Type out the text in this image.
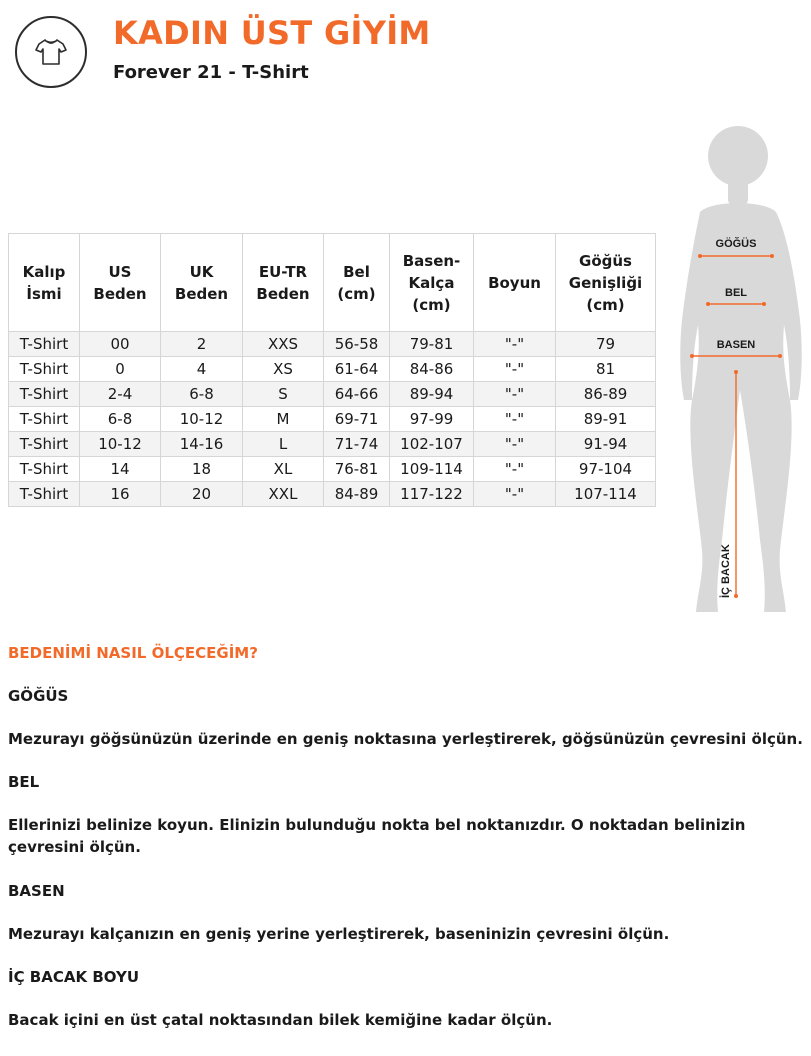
KADIN ÜST GİYİM
Forever 21 - T-Shirt
Kalıp
İsmi	US
Beden	UK
Beden	EU-TR
Beden	Bel
(cm)	Basen-
Kalça
(cm)	Boyun	Göğüs
Genişliği
(cm)
T-Shirt	00	2	XXS	56-58	79-81	"-"	79
T-Shirt	0	4	XS	61-64	84-86	"-"	81
T-Shirt	2-4	6-8	S	64-66	89-94	"-"	86-89
T-Shirt	6-8	10-12	M	69-71	97-99	"-"	89-91
T-Shirt	10-12	14-16	L	71-74	102-107	"-"	91-94
T-Shirt	14	18	XL	76-81	109-114	"-"	97-104
T-Shirt	16	20	XXL	84-89	117-122	"-"	107-114
GÖĞÜS
BEL
BASEN
İÇ BACAK

BEDENİMİ NASIL ÖLÇECEĞİM?

GÖĞÜS

Mezurayı göğsünüzün üzerinde en geniş noktasına yerleştirerek, göğsünüzün çevresini ölçün.

BEL

Ellerinizi belinize koyun. Elinizin bulunduğu nokta bel noktanızdır. O noktadan belinizin çevresini ölçün.

BASEN

Mezurayı kalçanızın en geniş yerine yerleştirerek, baseninizin çevresini ölçün.

İÇ BACAK BOYU

Bacak içini en üst çatal noktasından bilek kemiğine kadar ölçün.
